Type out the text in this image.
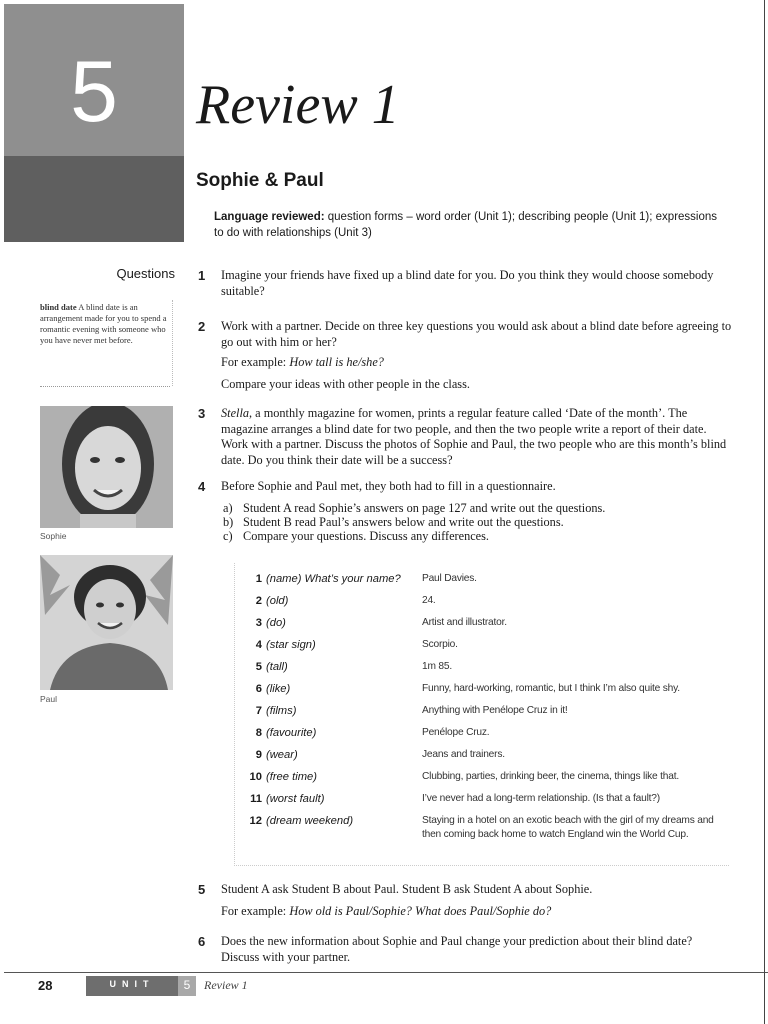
5	Review 1
Sophie & Paul
Language reviewed: question forms – word order (Unit 1); describing people (Unit 1); expressions to do with relationships (Unit 3)
Questions
blind date A blind date is an arrangement made for you to spend a romantic evening with someone who you have never met before.
Sophie
Paul
1 Imagine your friends have fixed up a blind date for you. Do you think they would choose somebody suitable?
2 Work with a partner. Decide on three key questions you would ask about a blind date before agreeing to go out with him or her?
For example: How tall is he/she?
Compare your ideas with other people in the class.
3 Stella, a monthly magazine for women, prints a regular feature called ‘Date of the month’. The magazine arranges a blind date for two people, and then the two people write a report of their date. Work with a partner. Discuss the photos of Sophie and Paul, the two people who are this month’s blind date. Do you think their date will be a success?
4 Before Sophie and Paul met, they both had to fill in a questionnaire.
a) Student A read Sophie’s answers on page 127 and write out the questions.
b) Student B read Paul’s answers below and write out the questions.
c) Compare your questions. Discuss any differences.
1 (name) What’s your name?	Paul Davies.
2 (old)	24.
3 (do)	Artist and illustrator.
4 (star sign)	Scorpio.
5 (tall)	1m 85.
6 (like)	Funny, hard-working, romantic, but I think I’m also quite shy.
7 (films)	Anything with Penélope Cruz in it!
8 (favourite)	Penélope Cruz.
9 (wear)	Jeans and trainers.
10 (free time)	Clubbing, parties, drinking beer, the cinema, things like that.
11 (worst fault)	I’ve never had a long-term relationship. (Is that a fault?)
12 (dream weekend)	Staying in a hotel on an exotic beach with the girl of my dreams and then coming back home to watch England win the World Cup.
5 Student A ask Student B about Paul. Student B ask Student A about Sophie.
For example: How old is Paul/Sophie? What does Paul/Sophie do?
6 Does the new information about Sophie and Paul change your prediction about their blind date? Discuss with your partner.
28	UNIT	5	Review 1
